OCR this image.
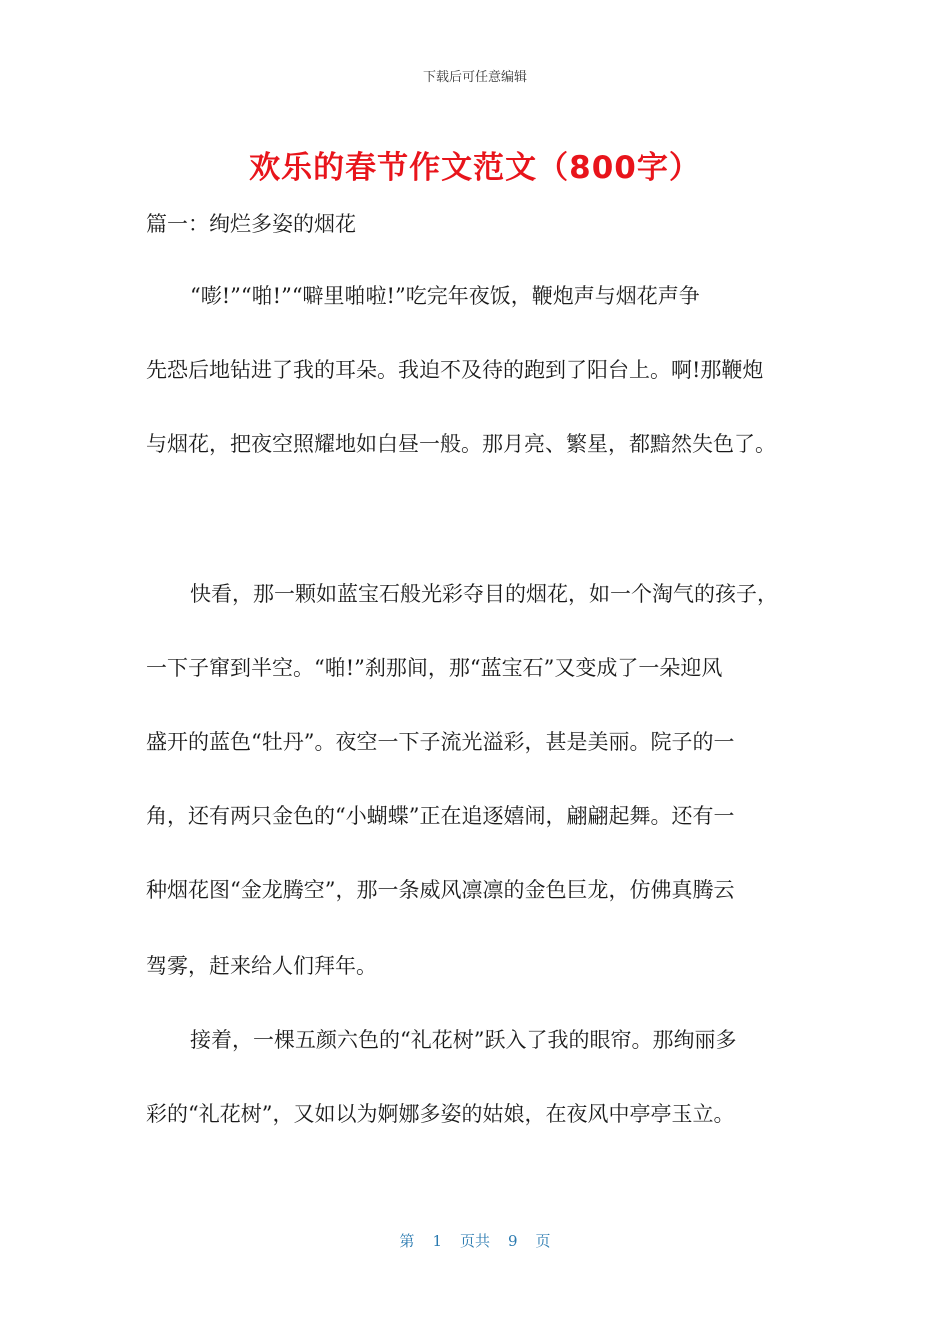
下载后可任意编辑
欢乐的春节作文范文（800字）
篇一：绚烂多姿的烟花
“嘭!”“啪!”“噼里啪啦!”吃完年夜饭，鞭炮声与烟花声争
先恐后地钻进了我的耳朵。我迫不及待的跑到了阳台上。啊!那鞭炮
与烟花，把夜空照耀地如白昼一般。那月亮、繁星，都黯然失色了。
快看，那一颗如蓝宝石般光彩夺目的烟花，如一个淘气的孩子，
一下子窜到半空。“啪!”刹那间，那“蓝宝石”又变成了一朵迎风
盛开的蓝色“牡丹”。夜空一下子流光溢彩，甚是美丽。院子的一
角，还有两只金色的“小蝴蝶”正在追逐嬉闹，翩翩起舞。还有一
种烟花图“金龙腾空”，那一条威风凛凛的金色巨龙，仿佛真腾云
驾雾，赶来给人们拜年。
接着，一棵五颜六色的“礼花树”跃入了我的眼帘。那绚丽多
彩的“礼花树”，又如以为婀娜多姿的姑娘，在夜风中亭亭玉立。
第 1 页共 9 页
